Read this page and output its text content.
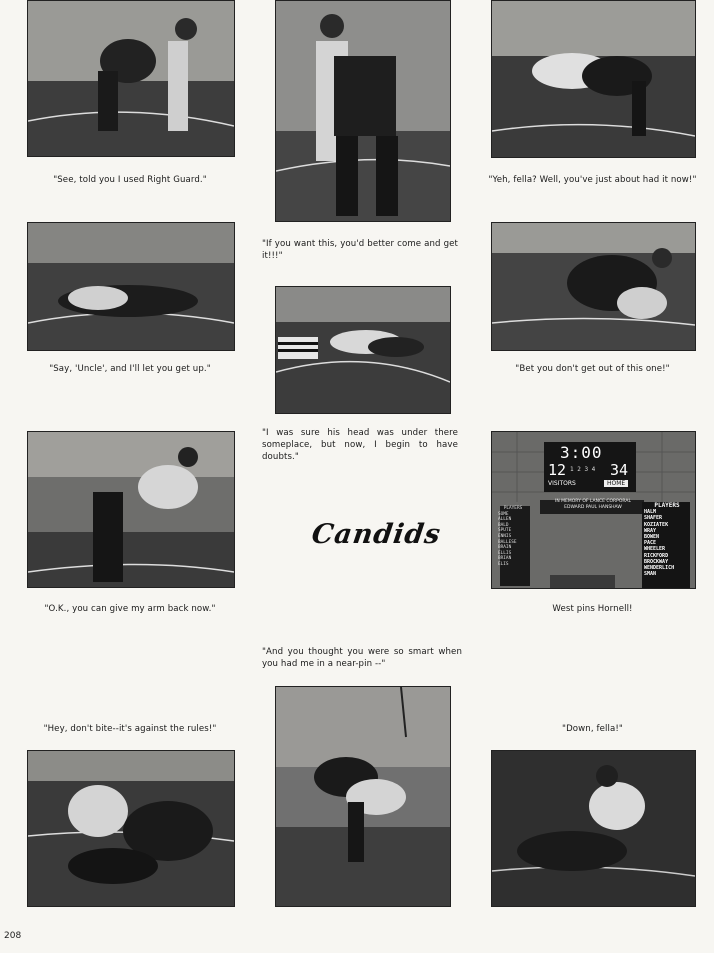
"See, told you I used Right Guard."	"Yeh, fella? Well, you've just about had it now!"
"Say, 'Uncle', and I'll let you get up."
"If you want this, you'd better come and get it!!!"
"Bet you don't get out of this one!"
"O.K., you can give my arm back now."
"I was sure his head was under there someplace, but now, I begin to have doubts."
Candids
3:00
12 1 2 3 4 34
VISITORS	HOME
IN MEMORY OF LANCE CORPORAL
EDWARD PAUL HANSHAW
PLAYERS
SOME
ALLEN
BALD
SPUTE
ENNIS
BALLESE
BRAIN
ELLIS
BRIAN
ELIS
PLAYERS
HALM
SHAFER
KOZIATEK
WRAY
BOWEN
PACE
WHEELER
RICKFORD
BROCKWAY
WENDERLICH
SMAN
West pins Hornell!
"And you thought you were so smart when you had me in a near-pin --"
"Hey, don't bite--it's against the rules!"	"Down, fella!"
208
